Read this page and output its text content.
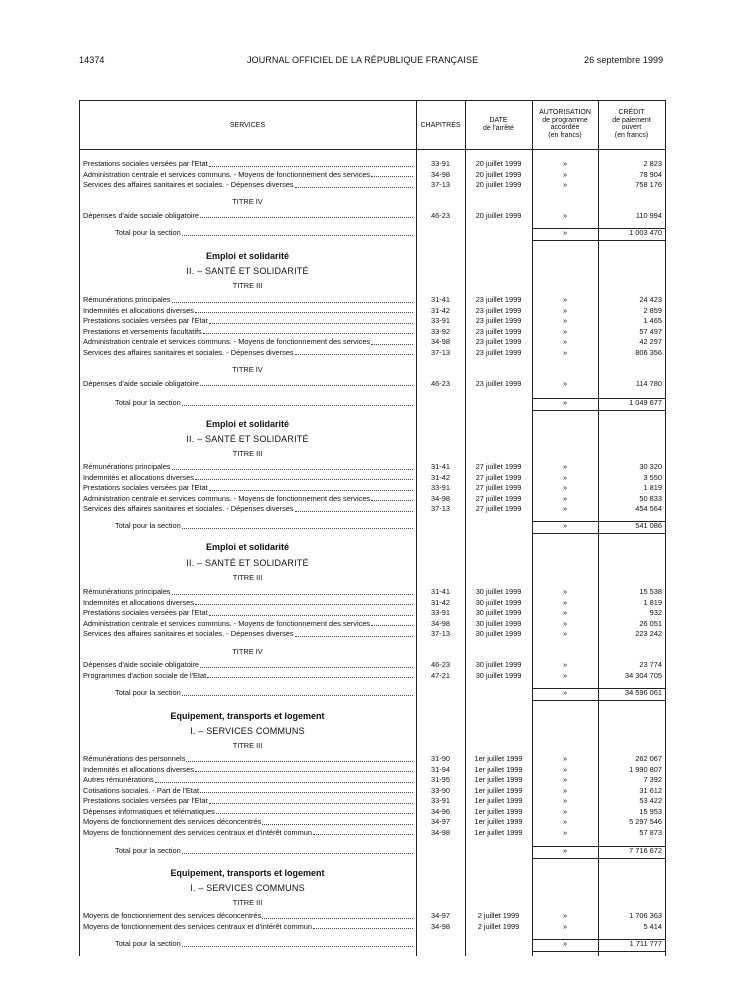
14374	JOURNAL OFFICIEL DE LA RÉPUBLIQUE FRANÇAISE	26 septembre 1999
SERVICES	CHAPITRES
DATE
de l'arrêté
AUTORISATION
de programme
accordée
(en francs)
CRÉDIT
de paiement
ouvert
(en francs)
Prestations sociales versées par l'Etat	33-91	20 juillet 1999	»	2 823
Administration centrale et services communs. - Moyens de fonctionnement des services	34-98	20 juillet 1999	»	78 904
Services des affaires sanitaires et sociales. - Dépenses diverses	37-13	20 juillet 1999	»	758 176
TITRE IV
Dépenses d'aide sociale obligatoire	46-23	20 juillet 1999	»	110 994
Total pour la section	»	1 003 470
Emploi et solidarité
II. – SANTÉ ET SOLIDARITÉ
TITRE III
Rémunérations principales	31-41	23 juillet 1999	»	24 423
Indemnités et allocations diverses	31-42	23 juillet 1999	»	2 859
Prestations sociales versées par l'Etat	33-91	23 juillet 1999	»	1 465
Prestations et versements facultatifs	33-92	23 juillet 1999	»	57 497
Administration centrale et services communs. - Moyens de fonctionnement des services	34-98	23 juillet 1999	»	42 297
Services des affaires sanitaires et sociales. - Dépenses diverses	37-13	23 juillet 1999	»	806 356
TITRE IV
Dépenses d'aide sociale obligatoire	46-23	23 juillet 1999	»	114 780
Total pour la section	»	1 049 677
Emploi et solidarité
II. – SANTÉ ET SOLIDARITÉ
TITRE III
Rémunérations principales	31-41	27 juillet 1999	»	30 320
Indemnités et allocations diverses	31-42	27 juillet 1999	»	3 550
Prestations sociales versées par l'Etat	33-91	27 juillet 1999	»	1 819
Administration centrale et services communs. - Moyens de fonctionnement des services	34-98	27 juillet 1999	»	50 833
Services des affaires sanitaires et sociales. - Dépenses diverses	37-13	27 juillet 1999	»	454 564
Total pour la section	»	541 086
Emploi et solidarité
II. – SANTÉ ET SOLIDARITÉ
TITRE III
Rémunérations principales	31-41	30 juillet 1999	»	15 538
Indemnités et allocations diverses	31-42	30 juillet 1999	»	1 819
Prestations sociales versées par l'Etat	33-91	30 juillet 1999	»	932
Administration centrale et services communs. - Moyens de fonctionnement des services	34-98	30 juillet 1999	»	26 051
Services des affaires sanitaires et sociales. - Dépenses diverses	37-13	30 juillet 1999	»	223 242
TITRE IV
Dépenses d'aide sociale obligatoire	46-23	30 juillet 1999	»	23 774
Programmes d'action sociale de l'Etat	47-21	30 juillet 1999	»	34 304 705
Total pour la section	»	34 596 061
Equipement, transports et logement
I. – SERVICES COMMUNS
TITRE III
Rémunérations des personnels	31-90	1er juillet 1999	»	262 067
Indemnités et allocations diverses	31-94	1er juillet 1999	»	1 990 807
Autres rémunérations	31-95	1er juillet 1999	»	7 392
Cotisations sociales. - Part de l'Etat	33-90	1er juillet 1999	»	31 612
Prestations sociales versées par l'Etat	33-91	1er juillet 1999	»	53 422
Dépenses informatiques et télématiques	34-96	1er juillet 1999	»	15 953
Moyens de fonctionnement des services déconcentrés	34-97	1er juillet 1999	»	5 297 546
Moyens de fonctionnement des services centraux et d'intérêt commun	34-98	1er juillet 1999	»	57 873
Total pour la section	»	7 716 672
Equipement, transports et logement
I. – SERVICES COMMUNS
TITRE III
Moyens de fonctionnement des services déconcentrés	34-97	2 juillet 1999	»	1 706 363
Moyens de fonctionnement des services centraux et d'intérêt commun	34-98	2 juillet 1999	»	5 414
Total pour la section	»	1 711 777
